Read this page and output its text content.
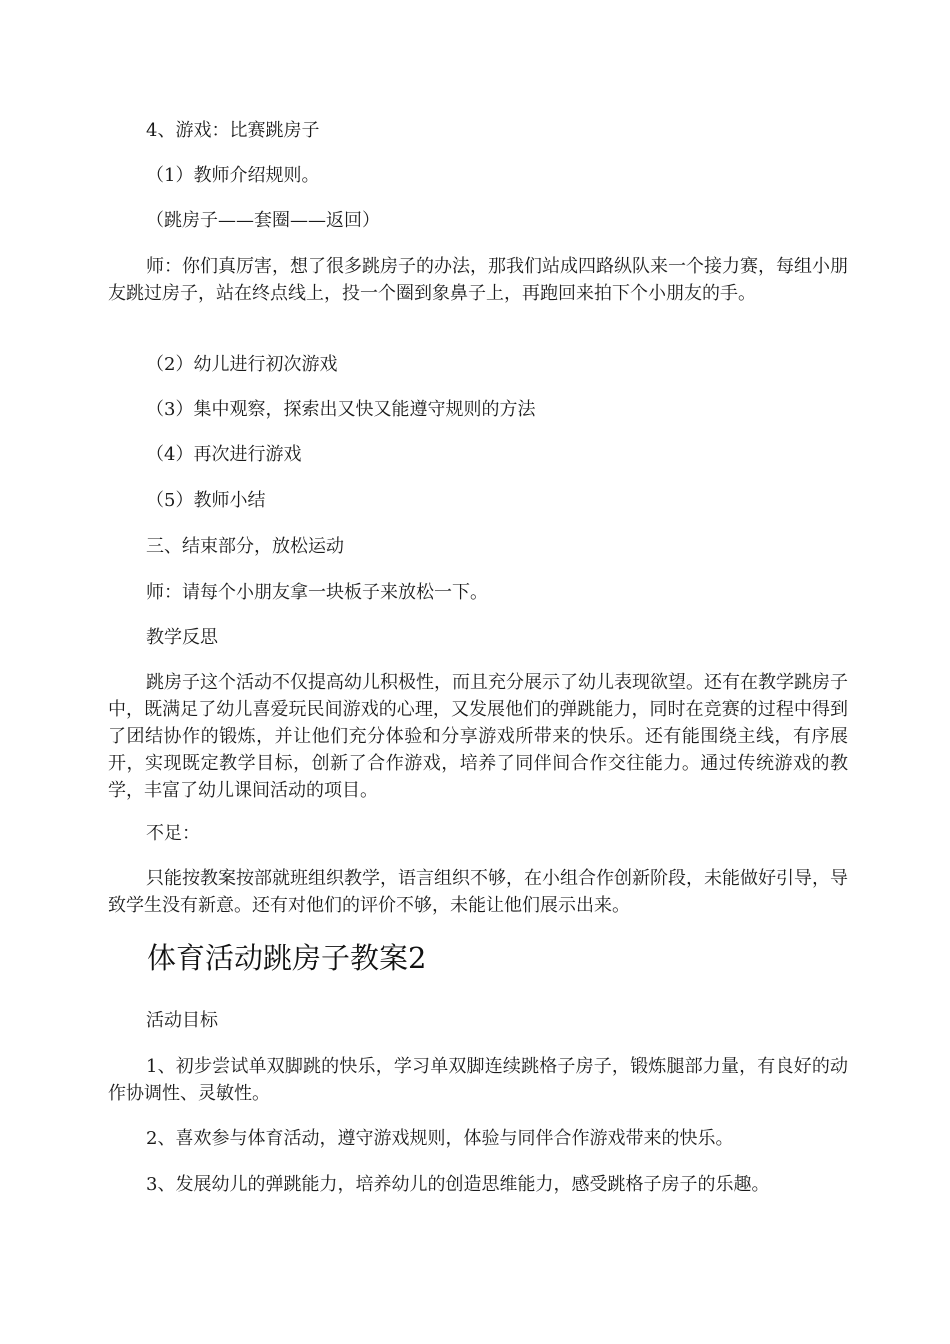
4、游戏：比赛跳房子

（1）教师介绍规则。

（跳房子——套圈——返回）

师：你们真厉害，想了很多跳房子的办法，那我们站成四路纵队来一个接力赛，每组小朋友跳过房子，站在终点线上，投一个圈到象鼻子上，再跑回来拍下个小朋友的手。

（2）幼儿进行初次游戏

（3）集中观察，探索出又快又能遵守规则的方法

（4）再次进行游戏

（5）教师小结

三、结束部分，放松运动

师：请每个小朋友拿一块板子来放松一下。

教学反思

跳房子这个活动不仅提高幼儿积极性，而且充分展示了幼儿表现欲望。还有在教学跳房子中，既满足了幼儿喜爱玩民间游戏的心理，又发展他们的弹跳能力，同时在竞赛的过程中得到了团结协作的锻炼，并让他们充分体验和分享游戏所带来的快乐。还有能围绕主线，有序展开，实现既定教学目标，创新了合作游戏，培养了同伴间合作交往能力。通过传统游戏的教学，丰富了幼儿课间活动的项目。

不足：

只能按教案按部就班组织教学，语言组织不够，在小组合作创新阶段，未能做好引导，导致学生没有新意。还有对他们的评价不够，未能让他们展示出来。

体育活动跳房子教案2

活动目标

1、初步尝试单双脚跳的快乐，学习单双脚连续跳格子房子，锻炼腿部力量，有良好的动作协调性、灵敏性。

2、喜欢参与体育活动，遵守游戏规则，体验与同伴合作游戏带来的快乐。

3、发展幼儿的弹跳能力，培养幼儿的创造思维能力，感受跳格子房子的乐趣。
